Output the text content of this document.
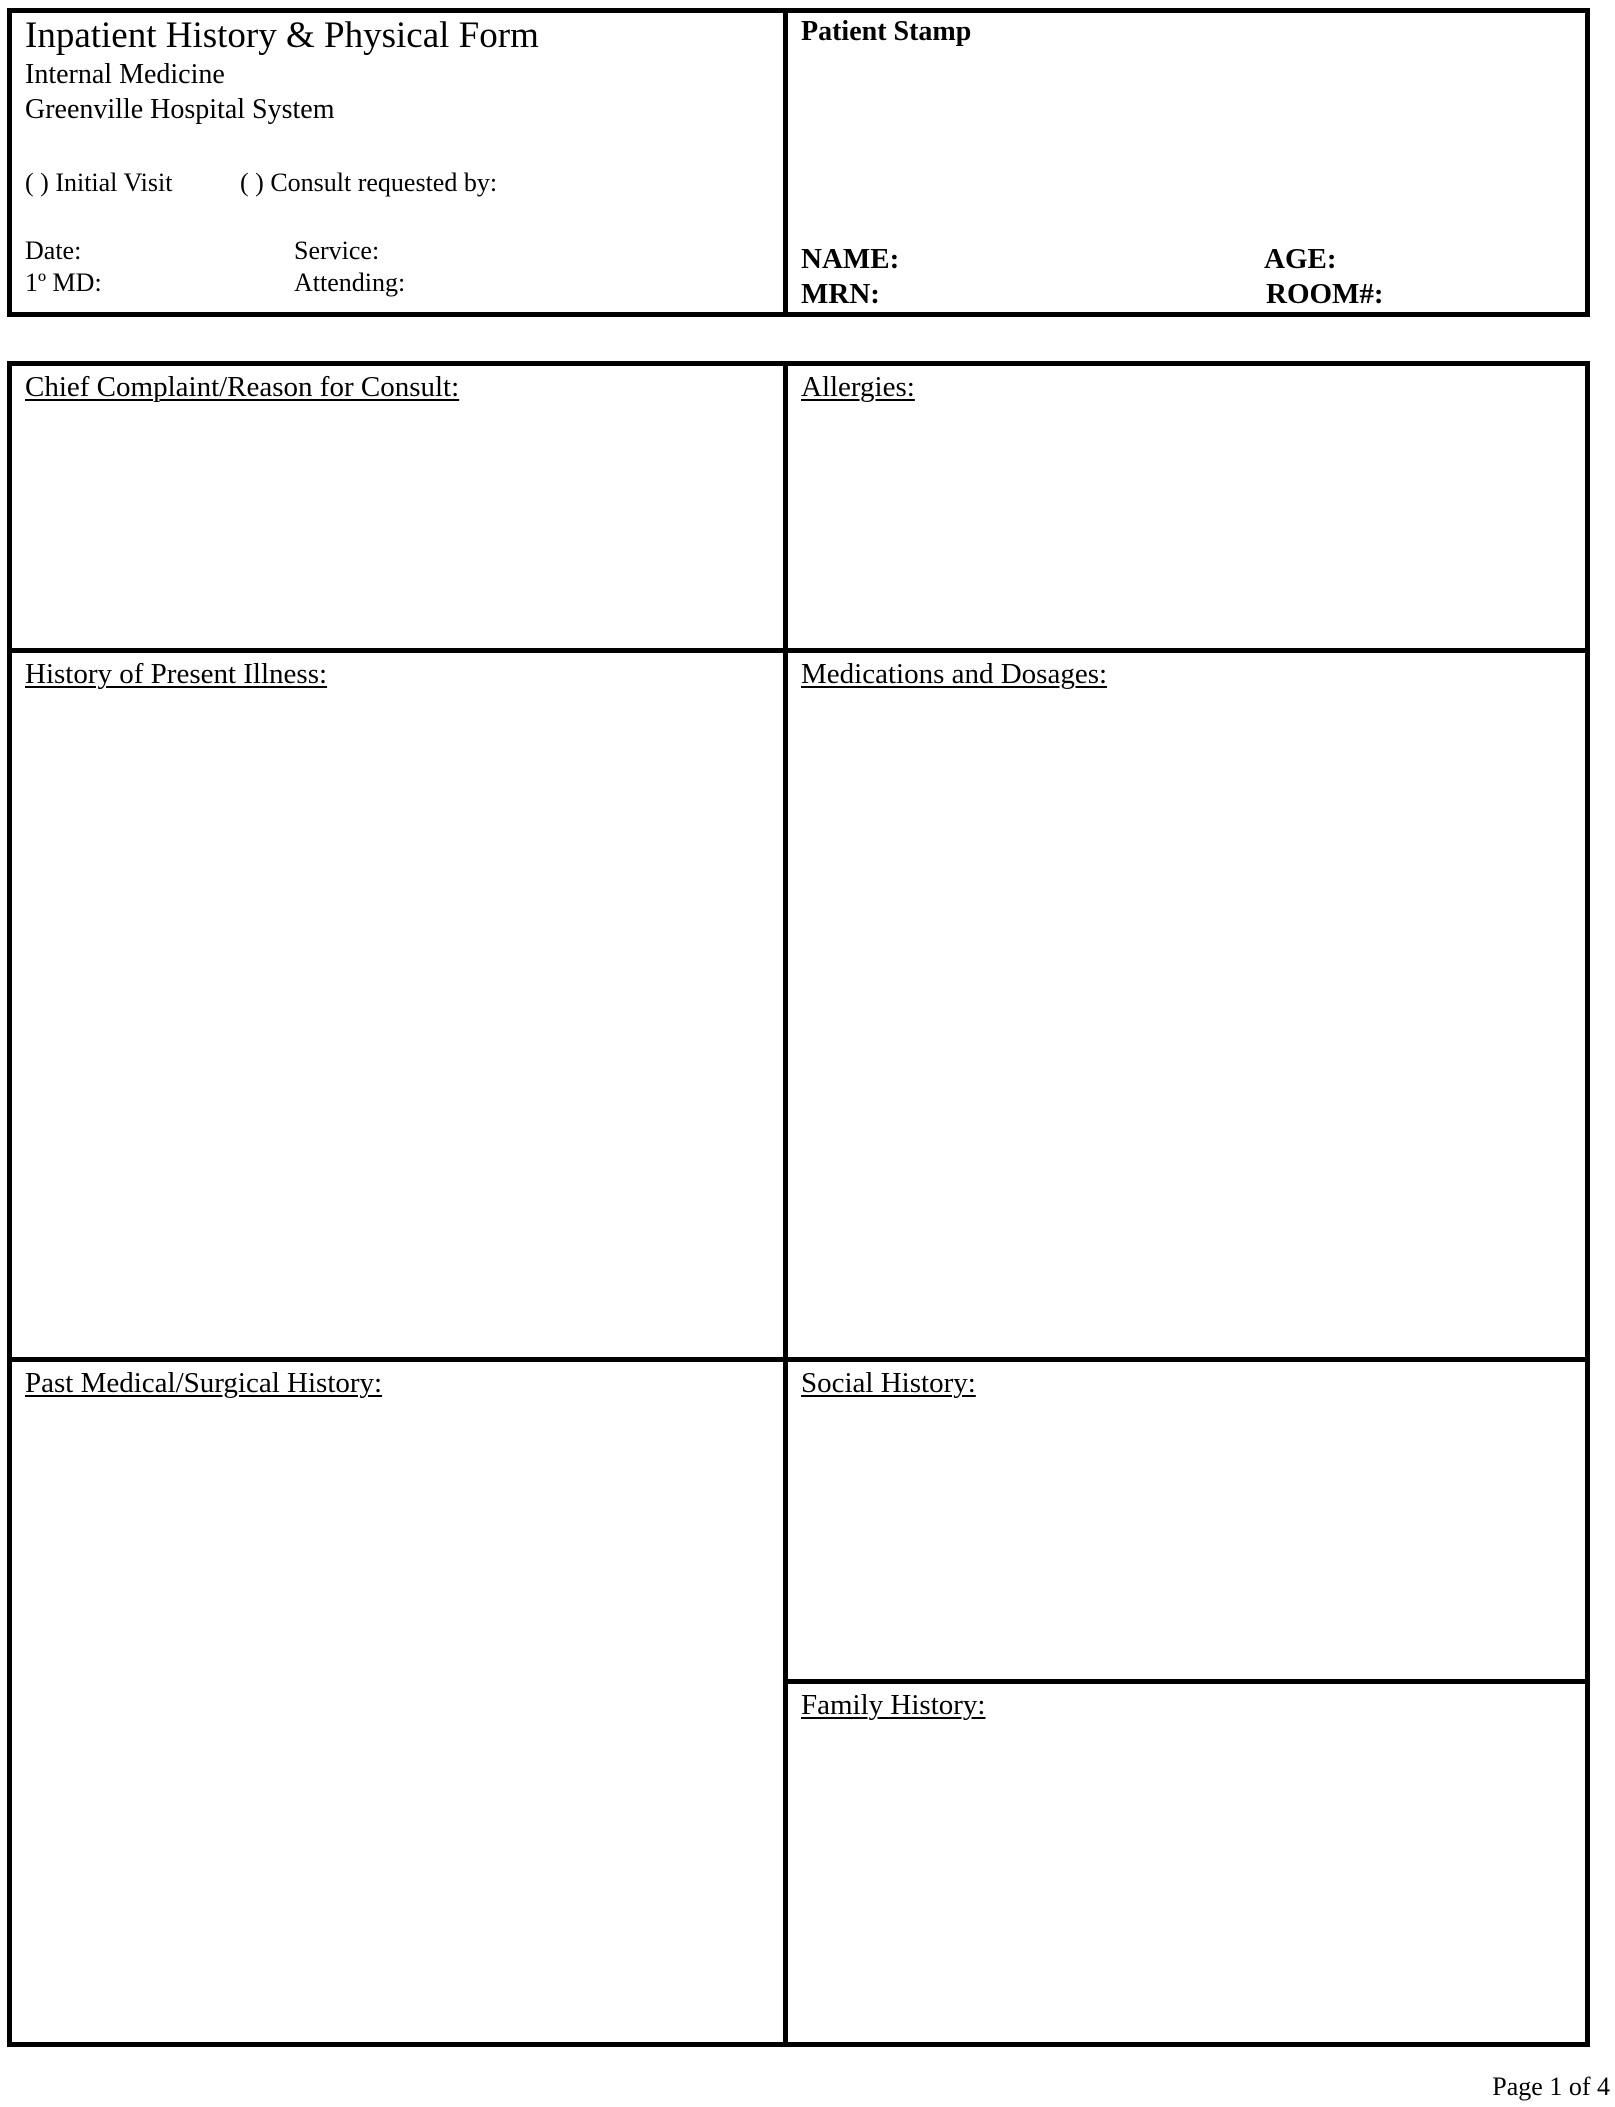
Inpatient History & Physical Form
Internal Medicine
Greenville Hospital System
( ) Initial Visit	( ) Consult requested by:
Date:	Service:
1º MD:	Attending:
Patient Stamp
NAME:	AGE:
MRN:	ROOM#:
Chief Complaint/Reason for Consult:	Allergies:
History of Present Illness:	Medications and Dosages:
Past Medical/Surgical History:	Social History:
Family History:
Page 1 of 4
